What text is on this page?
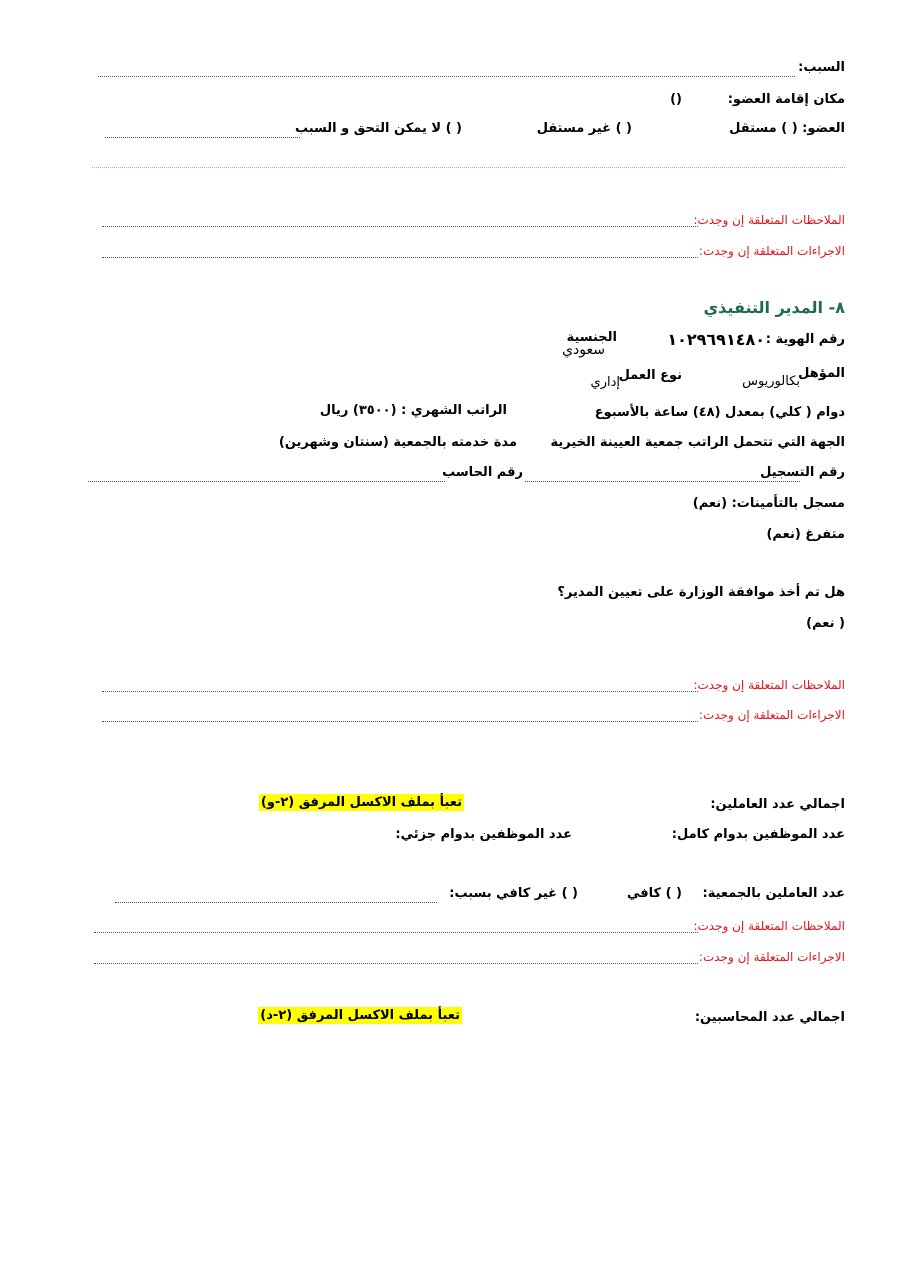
السبب:
مكان إقامة العضو:
()
العضو: ( ) مستقل
( ) غير مستقل
( ) لا يمكن التحق و السبب
الملاحظات المتعلقة إن وجدت:
الاجراءات المتعلقة إن وجدت:
٨- المدير التنفيذي
رقم الهوية :
١٠٢٩٦٩١٤٨٠
الجنسية
سعودي
المؤهل
بكالوريوس
نوع العمل
إداري
دوام ( كلي) بمعدل (٤٨) ساعة بالأسبوع
الراتب الشهري : (٣٥٠٠) ريال
الجهة التي تتحمل الراتب جمعية العيينة الخيرية
مدة خدمته بالجمعية (سنتان وشهرين)
رقم التسجيل
رقم الحاسب
مسجل بالتأمينات: (نعم)
متفرغ (نعم)
هل تم أخذ موافقة الوزارة على تعيين المدير؟
( نعم)
الملاحظات المتعلقة إن وجدت:
الاجراءات المتعلقة إن وجدت:
اجمالي عدد العاملين:
تعبأ بملف الاكسل المرفق (٢-و)
عدد الموظفين بدوام كامل:
عدد الموظفين بدوام جزئي:
عدد العاملين بالجمعية:
( ) كافي
( ) غير كافي بسبب:
الملاحظات المتعلقة إن وجدت:
الاجراءات المتعلقة إن وجدت:
اجمالي عدد المحاسبين:
تعبأ بملف الاكسل المرفق (٢-د)
